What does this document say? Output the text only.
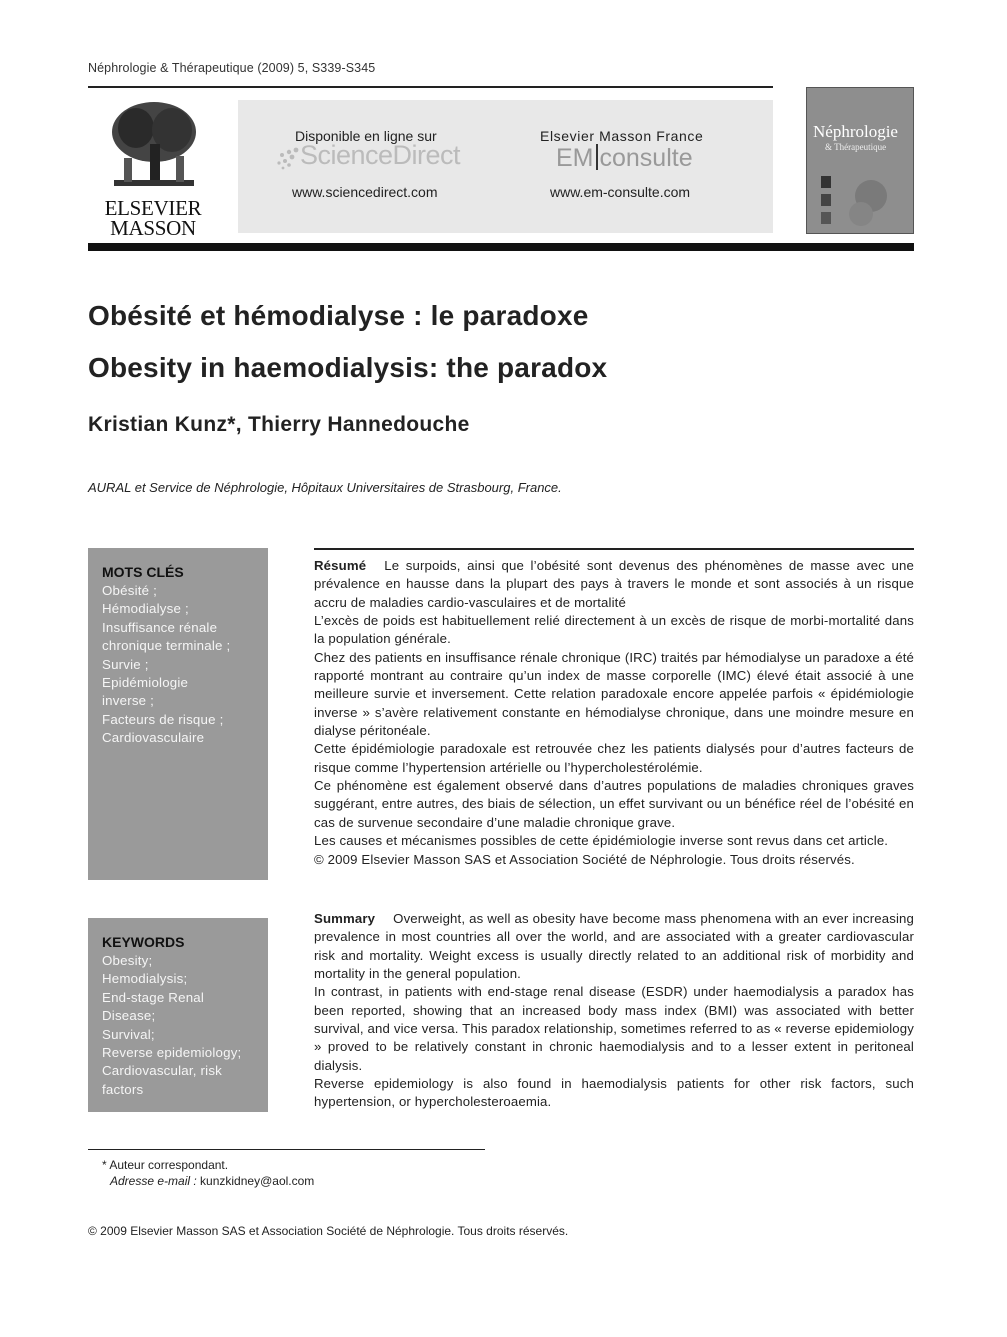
Néphrologie & Thérapeutique (2009) 5, S339-S345
ELSEVIER
MASSON
Disponible en ligne sur
ScienceDirect
www.sciencedirect.com
Elsevier Masson France
EM consulte
www.em-consulte.com
Néphrologie
& Thérapeutique
Obésité et hémodialyse : le paradoxe
Obesity in haemodialysis: the paradox
Kristian Kunz*, Thierry Hannedouche
AURAL et Service de Néphrologie, Hôpitaux Universitaires de Strasbourg, France.
MOTS CLÉS
Obésité ;
Hémodialyse ;
Insuffisance rénale
chronique terminale ;
Survie ;
Epidémiologie
inverse ;
Facteurs de risque ;
Cardiovasculaire
KEYWORDS
Obesity;
Hemodialysis;
End-stage Renal
Disease;
Survival;
Reverse epidemiology;
Cardiovascular, risk
factors

Résumé Le surpoids, ainsi que l’obésité sont devenus des phénomènes de masse avec une prévalence en hausse dans la plupart des pays à travers le monde et sont associés à un risque accru de maladies cardio-vasculaires et de mortalité

L’excès de poids est habituellement relié directement à un excès de risque de morbi-mortalité dans la population générale.

Chez des patients en insuffisance rénale chronique (IRC) traités par hémodialyse un paradoxe a été rapporté montrant au contraire qu’un index de masse corporelle (IMC) élevé était associé à une meilleure survie et inversement. Cette relation paradoxale encore appelée parfois « épidémiologie inverse » s’avère relativement constante en hémodialyse chronique, dans une moindre mesure en dialyse péritonéale.

Cette épidémiologie paradoxale est retrouvée chez les patients dialysés pour d’autres facteurs de risque comme l’hypertension artérielle ou l’hypercholestérolémie.

Ce phénomène est également observé dans d’autres populations de maladies chroniques graves suggérant, entre autres, des biais de sélection, un effet survivant ou un bénéfice réel de l’obésité en cas de survenue secondaire d’une maladie chronique grave.

Les causes et mécanismes possibles de cette épidémiologie inverse sont revus dans cet article.

© 2009 Elsevier Masson SAS et Association Société de Néphrologie. Tous droits réservés.

Summary Overweight, as well as obesity have become mass phenomena with an ever increasing prevalence in most countries all over the world, and are associated with a greater cardiovascular risk and mortality. Weight excess is usually directly related to an additional risk of morbidity and mortality in the general population.

In contrast, in patients with end-stage renal disease (ESDR) under haemodialysis a paradox has been reported, showing that an increased body mass index (BMI) was associated with better survival, and vice versa. This paradox relationship, sometimes referred to as « reverse epidemiology » proved to be relatively constant in chronic haemodialysis and to a lesser extent in peritoneal dialysis.

Reverse epidemiology is also found in haemodialysis patients for other risk factors, such hypertension, or hypercholesteroaemia.

* Auteur correspondant.
Adresse e-mail : kunzkidney@aol.com
© 2009 Elsevier Masson SAS et Association Société de Néphrologie. Tous droits réservés.
